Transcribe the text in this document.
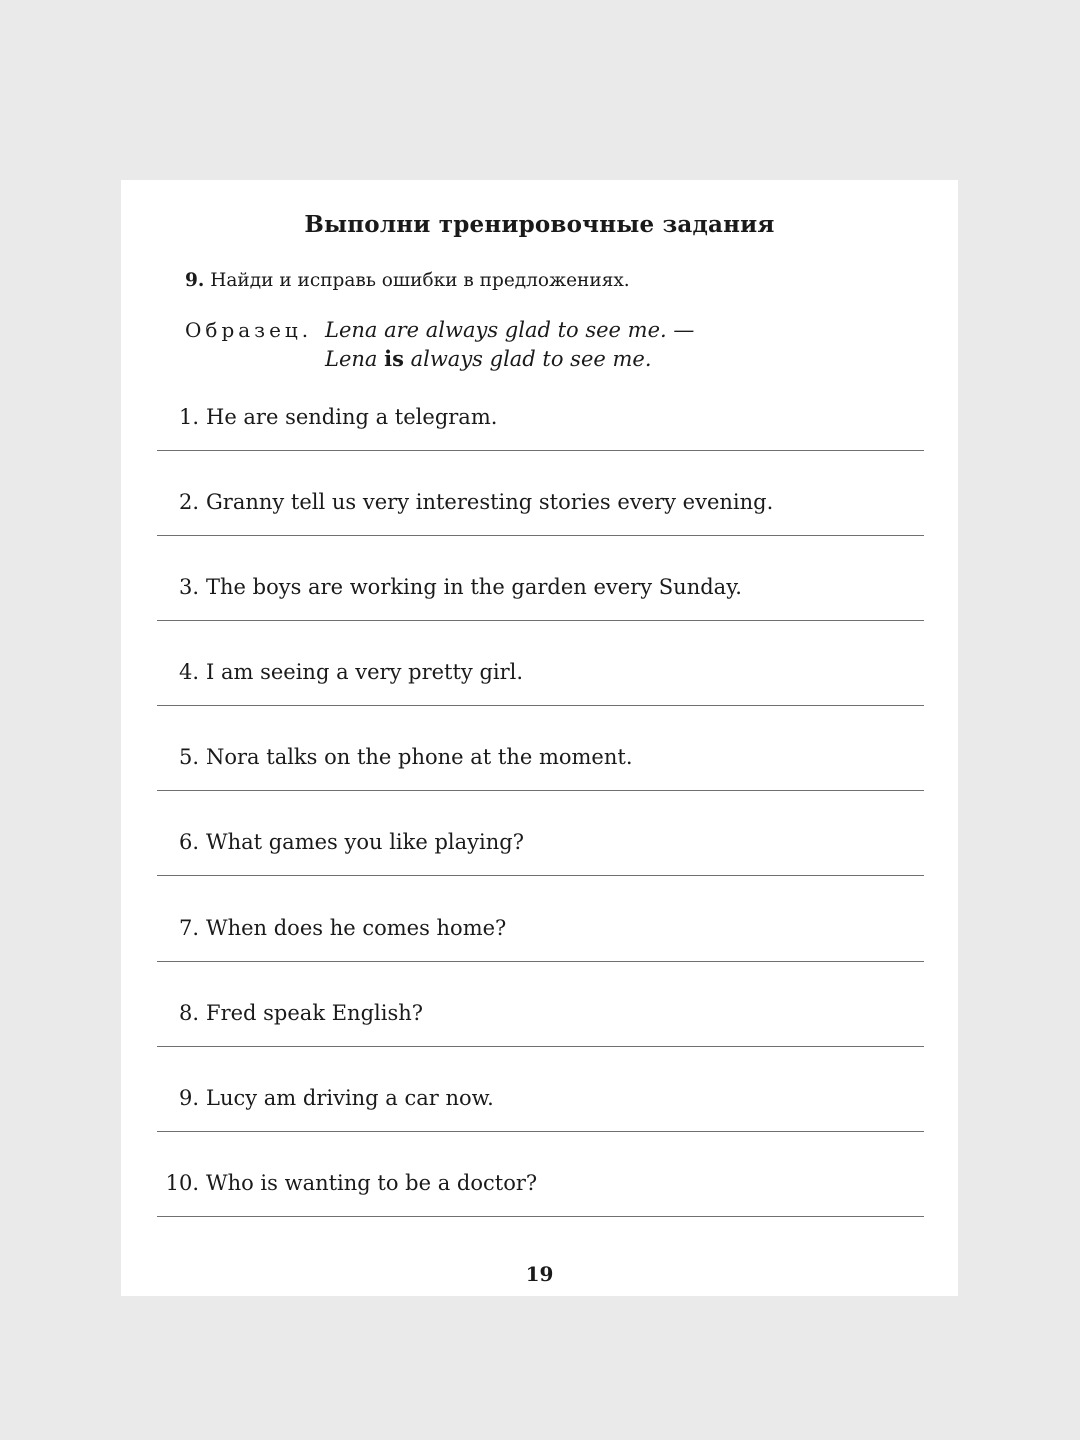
Выполни тренировочные задания
9. Найди и исправь ошибки в предложениях.
Образец. Lena are always glad to see me. —
Lena is always glad to see me.
1. He are sending a telegram.
2. Granny tell us very interesting stories every evening.
3. The boys are working in the garden every Sunday.
4. I am seeing a very pretty girl.
5. Nora talks on the phone at the moment.
6. What games you like playing?
7. When does he comes home?
8. Fred speak English?
9. Lucy am driving a car now.
10. Who is wanting to be a doctor?
19
